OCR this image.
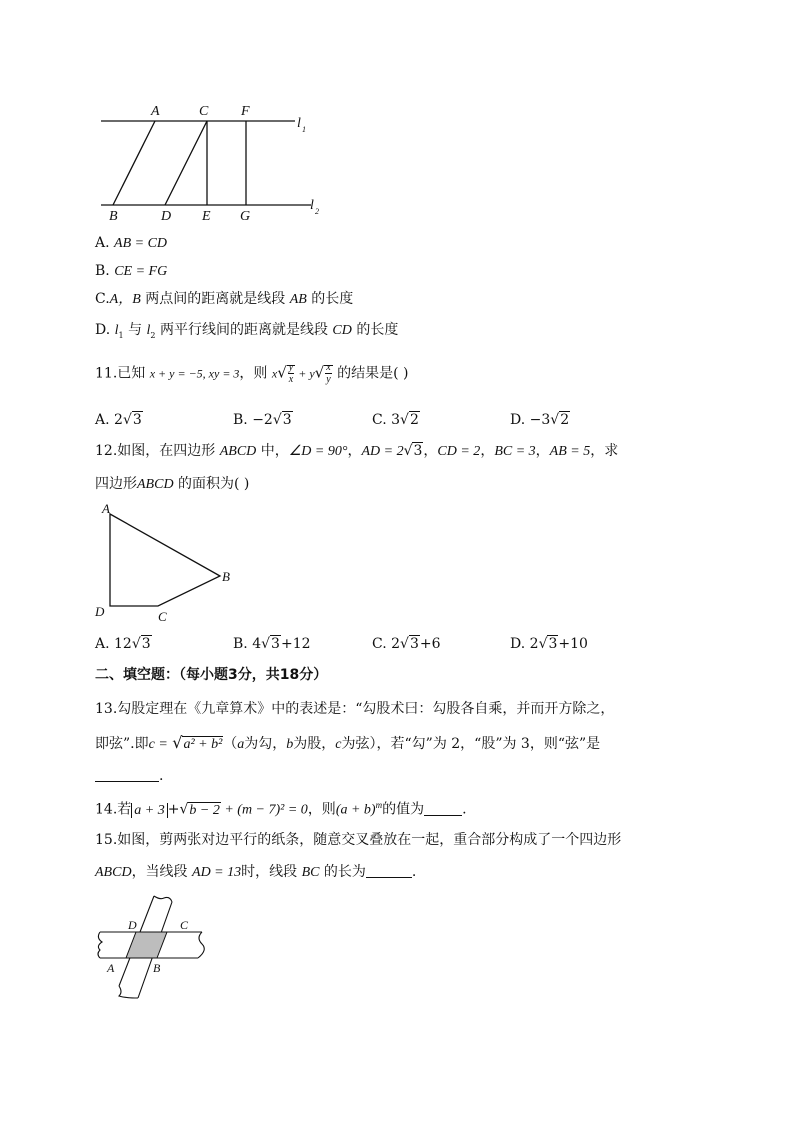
A	C F
l 1
B	D E G
l 2
A. AB = CD
B. CE = FG
C.A，B 两点间的距离就是线段 AB 的长度
D. $l_1$ 与 $l_2$ 两平行线间的距离就是线段 CD 的长度
11.已知 x + y = −5, xy = 3，则 $x√ \frac{y}{x} + y√ \frac{x}{y}$ 的结果是( )
A. 2√3	B. −2√3	C. 3√2	D. −3√2
12.如图，在四边形 ABCD 中，∠D = 90°，AD = 2√3，CD = 2，BC = 3，AB = 5，求
四边形ABCD 的面积为( )
A
B
C
D
A. 12√3	B. 4√3+12	C. 2√3+6	D. 2√3+10
二、填空题：（每小题3分，共18分）
13.勾股定理在《九章算术》中的表述是：“勾股术曰：勾股各自乘，并而开方除之，
即弦”.即c = √a² + b²（a为勾，b为股，c为弦），若“勾”为 2，“股”为 3，则“弦”是
.
14.若 a + 3 +√b − 2 + (m − 7)² = 0，则$(a + b)^m$的值为	.
15.如图，剪两张对边平行的纸条，随意交叉叠放在一起，重合部分构成了一个四边形
ABCD，当线段 AD = 13时，线段 BC 的长为	.
D	C
A	B
